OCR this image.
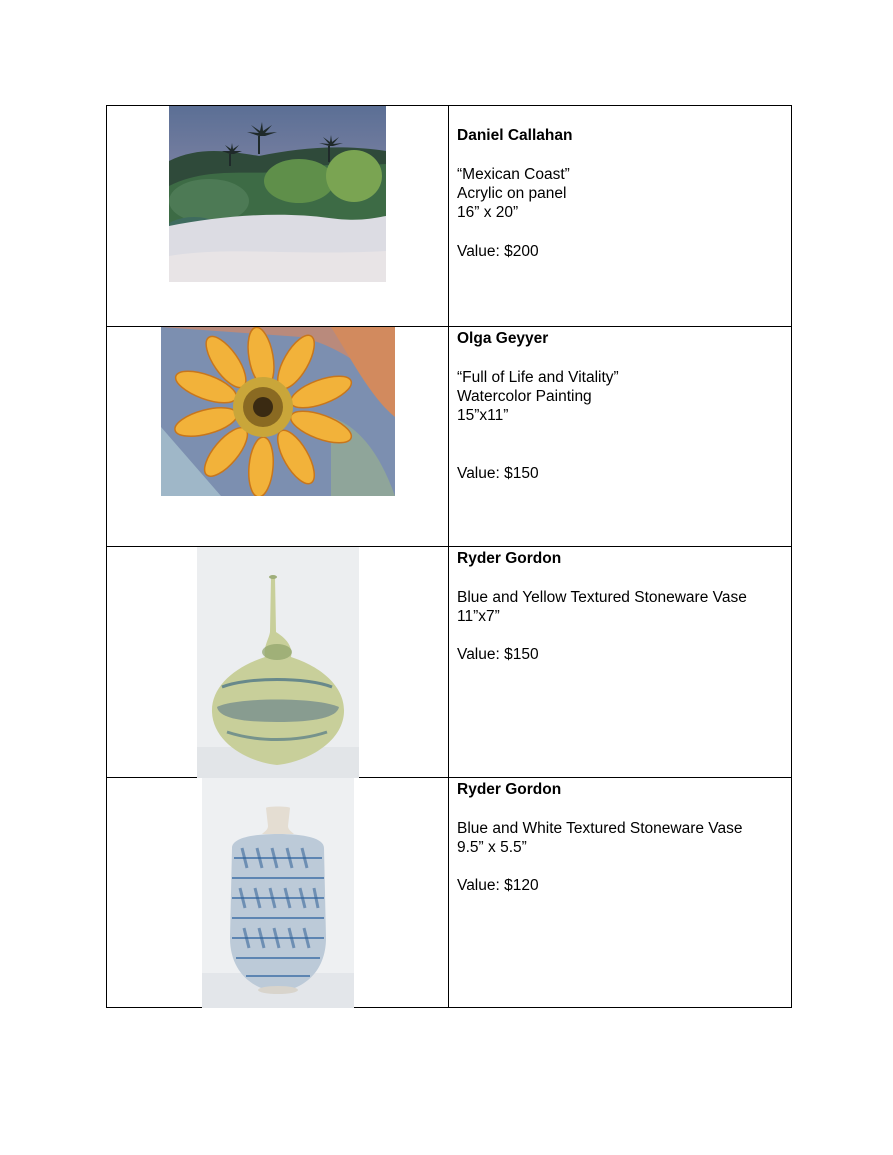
Daniel Callahan
“Mexican Coast”
Acrylic on panel
16” x 20”
Value: $200

Olga Geyyer
“Full of Life and Vitality”
Watercolor Painting
15”x11”
Value: $150

Ryder Gordon
Blue and Yellow Textured Stoneware Vase
11”x7”
Value: $150

Ryder Gordon
Blue and White Textured Stoneware Vase
9.5” x 5.5”
Value: $120
